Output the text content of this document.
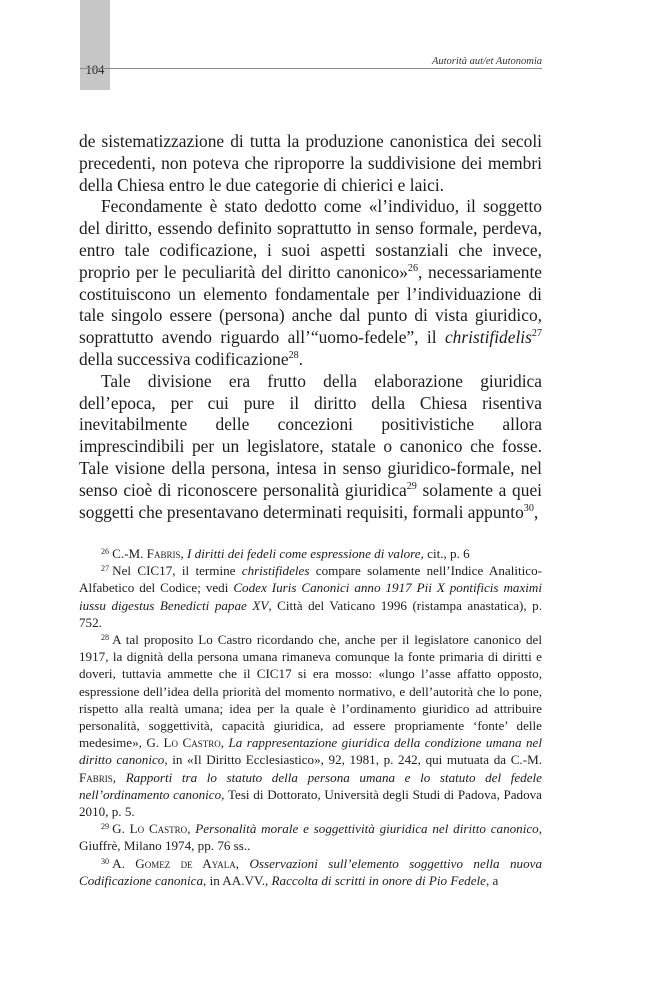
104
Autorità aut/et Autonomia

de sistematizzazione di tutta la produzione canonistica dei secoli precedenti, non poteva che riproporre la suddivisione dei membri della Chiesa entro le due categorie di chierici e laici.

Fecondamente è stato dedotto come «l’individuo, il soggetto del diritto, essendo definito soprattutto in senso formale, perdeva, entro tale codificazione, i suoi aspetti sostanziali che invece, proprio per le peculiarità del diritto canonico»$^{26}$, necessariamente costituiscono un elemento fondamentale per l’individuazione di tale singolo essere (persona) anche dal punto di vista giuridico, soprattutto avendo riguardo all’“uomo-fedele”, il christifidelis$^{27}$ della successiva codificazione$^{28}$.

Tale divisione era frutto della elaborazione giuridica dell’epoca, per cui pure il diritto della Chiesa risentiva inevitabilmente delle concezioni positivistiche allora imprescindibili per un legislatore, statale o canonico che fosse. Tale visione della persona, intesa in senso giuridico-formale, nel senso cioè di riconoscere personalità giuridica$^{29}$ solamente a quei soggetti che presentavano determinati requisiti, formali appunto$^{30}$,

$^{26}$ C.-M. Fabris, I diritti dei fedeli come espressione di valore, cit., p. 6

$^{27}$ Nel CIC17, il termine christifideles compare solamente nell’Indice Analitico-Alfabetico del Codice; vedi Codex Iuris Canonici anno 1917 Pii X pontificis maximi iussu digestus Benedicti papae XV, Città del Vaticano 1996 (ristampa anastatica), p. 752.

$^{28}$ A tal proposito Lo Castro ricordando che, anche per il legislatore canonico del 1917, la dignità della persona umana rimaneva comunque la fonte primaria di diritti e doveri, tuttavia ammette che il CIC17 si era mosso: «lungo l’asse affatto opposto, espressione dell’idea della priorità del momento normativo, e dell’autorità che lo pone, rispetto alla realtà umana; idea per la quale è l’ordinamento giuridico ad attribuire personalità, soggettività, capacità giuridica, ad essere propriamente ‘fonte’ delle medesime», G. Lo Castro, La rappresentazione giuridica della condizione umana nel diritto canonico, in «Il Diritto Ecclesiastico», 92, 1981, p. 242, qui mutuata da C.-M. Fabris, Rapporti tra lo statuto della persona umana e lo statuto del fedele nell’ordinamento canonico, Tesi di Dottorato, Università degli Studi di Padova, Padova 2010, p. 5.

$^{29}$ G. Lo Castro, Personalità morale e soggettività giuridica nel diritto canonico, Giuffrè, Milano 1974, pp. 76 ss..

$^{30}$ A. Gomez de Ayala, Osservazioni sull’elemento soggettivo nella nuova Codificazione canonica, in AA.VV., Raccolta di scritti in onore di Pio Fedele, a
